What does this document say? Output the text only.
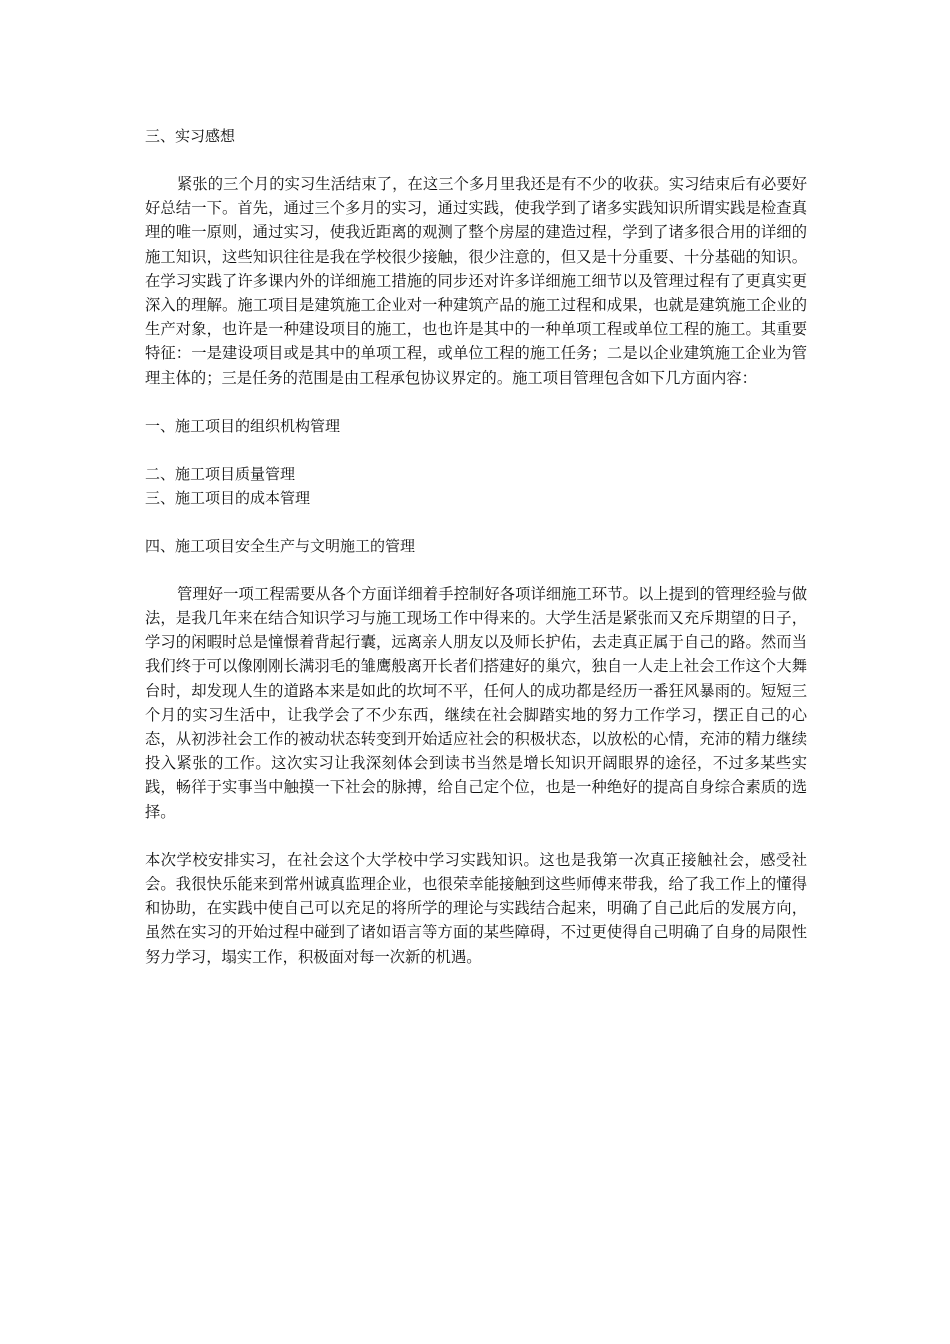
三、实习感想

紧张的三个月的实习生活结束了，在这三个多月里我还是有不少的收获。实习结束后有必要好好总结一下。首先，通过三个多月的实习，通过实践，使我学到了诸多实践知识所谓实践是检查真理的唯一原则，通过实习，使我近距离的观测了整个房屋的建造过程，学到了诸多很合用的详细的施工知识，这些知识往往是我在学校很少接触，很少注意的，但又是十分重要、十分基础的知识。在学习实践了许多课内外的详细施工措施的同步还对许多详细施工细节以及管理过程有了更真实更深入的理解。施工项目是建筑施工企业对一种建筑产品的施工过程和成果，也就是建筑施工企业的生产对象，也许是一种建设项目的施工，也也许是其中的一种单项工程或单位工程的施工。其重要特征：一是建设项目或是其中的单项工程，或单位工程的施工任务；二是以企业建筑施工企业为管理主体的；三是任务的范围是由工程承包协议界定的。施工项目管理包含如下几方面内容：

一、施工项目的组织机构管理

二、施工项目质量管理

三、施工项目的成本管理

四、施工项目安全生产与文明施工的管理

管理好一项工程需要从各个方面详细着手控制好各项详细施工环节。以上提到的管理经验与做法，是我几年来在结合知识学习与施工现场工作中得来的。大学生活是紧张而又充斥期望的日子，学习的闲暇时总是憧憬着背起行囊，远离亲人朋友以及师长护佑，去走真正属于自己的路。然而当我们终于可以像刚刚长满羽毛的雏鹰般离开长者们搭建好的巢穴，独自一人走上社会工作这个大舞台时，却发现人生的道路本来是如此的坎坷不平，任何人的成功都是经历一番狂风暴雨的。短短三个月的实习生活中，让我学会了不少东西，继续在社会脚踏实地的努力工作学习，摆正自己的心态，从初涉社会工作的被动状态转变到开始适应社会的积极状态，以放松的心情，充沛的精力继续投入紧张的工作。这次实习让我深刻体会到读书当然是增长知识开阔眼界的途径，不过多某些实践，畅徉于实事当中触摸一下社会的脉搏，给自己定个位，也是一种绝好的提高自身综合素质的选择。

本次学校安排实习，在社会这个大学校中学习实践知识。这也是我第一次真正接触社会，感受社会。我很快乐能来到常州诚真监理企业，也很荣幸能接触到这些师傅来带我，给了我工作上的懂得和协助，在实践中使自己可以充足的将所学的理论与实践结合起来，明确了自己此后的发展方向，虽然在实习的开始过程中碰到了诸如语言等方面的某些障碍，不过更使得自己明确了自身的局限性努力学习，塌实工作，积极面对每一次新的机遇。
